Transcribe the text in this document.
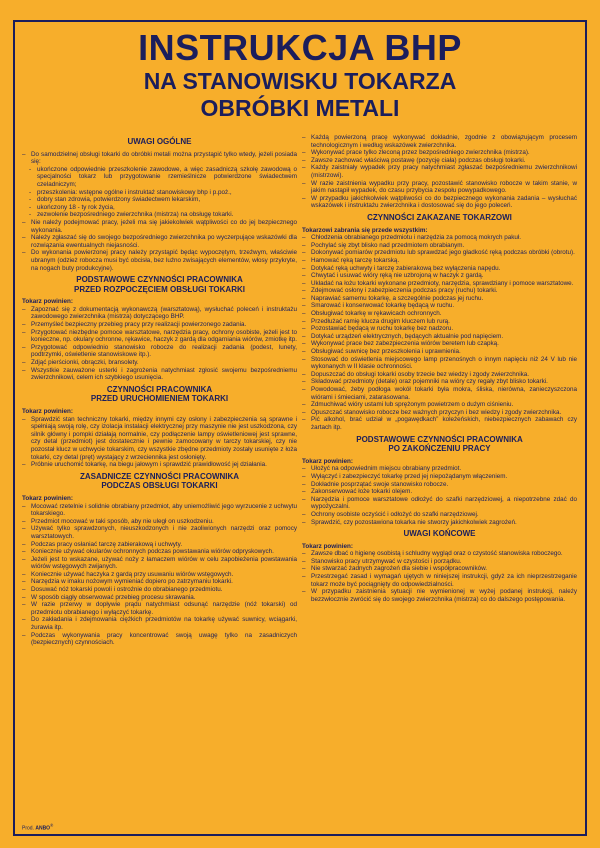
INSTRUKCJA BHP
NA STANOWISKU TOKARZA
OBRÓBKI METALI
UWAGI OGÓLNE
– Do samodzielnej obsługi tokarki do obróbki metali można przystąpić tylko wtedy, jeżeli posiada się:
- ukończone odpowiednie przeszkolenie zawodowe, a więc zasadniczą szkołę zawodową o specjalności tokarz lub przygotowanie rzemieślnicze potwierdzone świadectwem czeladniczym;
- przeszkolenia: wstępne ogólne i instruktaż stanowiskowy bhp i p.poż.,
- dobry stan zdrowia, potwierdzony świadectwem lekarskim,
- ukończony 18 - ty rok życia,
- zezwolenie bezpośredniego zwierzchnika (mistrza) na obsługę tokarki.
– Nie należy podejmować pracy, jeżeli ma się jakiekolwiek wątpliwości co do jej bezpiecznego wykonania.
– Należy zgłaszać się do swojego bezpośredniego zwierzchnika po wyczerpujące wskazówki dla rozwiązania ewentualnych niejasności.
– Do wykonania powierzonej pracy należy przystąpić będąc wypoczętym, trzeźwym, właściwie ubranym (odzież robocza musi być obcisła, bez luźno zwisających elementów, włosy przykryte, na nogach buty produkcyjne).
PODSTAWOWE CZYNNOŚCI PRACOWNIKA
PRZED ROZPOCZĘCIEM OBSŁUGI TOKARKI
Tokarz powinien:
– Zapoznać się z dokumentacją wykonawczą (warsztatową), wysłuchać poleceń i instruktażu zawodowego zwierzchnika (mistrza) dotyczącego BHP.
– Przemyśleć bezpieczny przebieg pracy przy realizacji powierzonego zadania.
– Przygotować niezbędne pomoce warsztatowe, narzędzia pracy, ochrony osobiste, jeżeli jest to konieczne, np. okulary ochronne, rękawice, haczyk z gardą dla odgarniania wiórów, zmiotkę itp.
– Przygotować odpowiednio stanowisko robocze do realizacji zadania (podest, lunety, podtrzymki, oświetlenie stanowiskowe itp.).
– Zdjąć pierścionki, obrączki, bransolety.
– Wszystkie zauważone usterki i zagrożenia natychmiast zgłosić swojemu bezpośredniemu zwierzchnikowi, celem ich szybkiego usunięcia.
CZYNNOŚCI PRACOWNIKA
PRZED URUCHOMIENIEM TOKARKI
Tokarz powinien:
– Sprawdzić stan techniczny tokarki, między innymi czy osłony i zabezpieczenia są sprawne i spełniają swoją rolę, czy izolacja instalacji elektrycznej przy maszynie nie jest uszkodzona, czy silnik główny i pompki działają normalnie, czy podłączenie lampy oświetleniowej jest sprawne, czy detal (przedmiot) jest dostatecznie i pewnie zamocowany w tarczy tokarskiej, czy nie pozostał klucz w uchwycie tokarskim, czy wszystkie zbędne przedmioty zostały usunięte z łoża tokarki, czy detal (pręt) wystający z wrzeciennika jest osłonięty.
– Próbnie uruchomić tokarkę, na biegu jałowym i sprawdzić prawidłowość jej działania.
ZASADNICZE CZYNNOŚCI PRACOWNIKA
PODCZAS OBSŁUGI TOKARKI
Tokarz powinien:
– Mocować rzetelnie i solidnie obrabiany przedmiot, aby uniemożliwić jego wyrzucenie z uchwytu tokarskiego.
– Przedmiot mocować w taki sposób, aby nie uległ on uszkodzeniu.
– Używać tylko sprawdzonych, nieuszkodzonych i nie zaoliwionych narzędzi oraz pomocy warsztatowych.
– Podczas pracy osłaniać tarczę zabierakową i uchwyty.
– Koniecznie używać okularów ochronnych podczas powstawania wiórów odpryskowych.
– Jeżeli jest to wskazane, używać noży z łamaczem wiórów w celu zapobieżenia powstawania wiórów wstęgowych zwijanych.
– Koniecznie używać haczyka z gardą przy usuwaniu wiórów wstęgowych.
– Narzędzia w imaku nożowym wymieniać dopiero po zatrzymaniu tokarki.
– Dosuwać nóż tokarski powoli i ostrożnie do obrabianego przedmiotu.
– W sposób ciągły obserwować przebieg procesu skrawania.
– W razie przerwy w dopływie prądu natychmiast odsunąć narzędzie (nóż tokarski) od przedmiotu obrabianego i wyłączyć tokarkę.
– Do zakładania i zdejmowania ciężkich przedmiotów na tokarkę używać suwnicy, wciągarki, żurawia itp.
– Podczas wykonywania pracy koncentrować swoją uwagę tylko na zasadniczych (bezpiecznych) czynnościach.
– Każdą powierzoną pracę wykonywać dokładnie, zgodnie z obowiązującym procesem technologicznym i według wskazówek zwierzchnika.
– Wykonywać prace tylko zleconą przez bezpośredniego zwierzchnika (mistrza).
– Zawsze zachować właściwą postawę (pozycję ciała) podczas obsługi tokarki.
– Każdy zaistniały wypadek przy pracy natychmiast zgłaszać bezpośredniemu zwierzchnikowi (mistrzowi).
– W razie zaistnienia wypadku przy pracy, pozostawić stanowisko robocze w takim stanie, w jakim nastąpił wypadek, do czasu przybycia zespołu powypadkowego.
– W przypadku jakichkolwiek wątpliwości co do bezpiecznego wykonania zadania – wysłuchać wskazówek i instruktażu zwierzchnika i dostosować się do jego poleceń.
CZYNNOŚCI ZAKAZANE TOKARZOWI
Tokarzowi zabrania się przede wszystkim:
– Chłodzenia obrabianego przedmiotu i narzędzia za pomocą mokrych pakuł.
– Pochylać się zbyt blisko nad przedmiotem obrabianym.
– Dokonywać pomiarów przedmiotu lub sprawdzać jego gładkość ręką podczas obróbki (obrotu).
– Hamować ręką tarczę tokarską.
– Dotykać ręką uchwyty i tarczę zabierakową bez wyłączenia napędu.
– Chwytać i usuwać wióry ręką nie uzbrojoną w haczyk z gardą.
– Układać na łożu tokarki wykonane przedmioty, narzędzia, sprawdziany i pomoce warsztatowe.
– Zdejmować osłony i zabezpieczenia podczas pracy (ruchu) tokarki.
– Naprawiać samemu tokarkę, a szczególnie podczas jej ruchu.
– Smarować i konserwować tokarkę będącą w ruchu.
– Obsługiwać tokarkę w rękawicach ochronnych.
– Przedłużać ramię klucza drugim kluczem lub rurą.
– Pozostawiać będącą w ruchu tokarkę bez nadzoru.
– Dotykać urządzeń elektrycznych, będących aktualnie pod napięciem.
– Wykonywać prace bez zabezpieczenia wiórów beretem lub czapką.
– Obsługiwać suwnicę bez przeszkolenia i uprawnienia.
– Stosować do oświetlenia miejscowego lamp przenośnych o innym napięciu niż 24 V lub nie wykonanych w II klasie ochronności.
– Dopuszczać do obsługi tokarki osoby trzecie bez wiedzy i zgody zwierzchnika.
– Składować przedmioty (detale) oraz pojemniki na wióry czy regały zbyt blisko tokarki.
– Powodować, żeby podłoga wokół tokarki była mokra, śliska, nierówna, zanieczyszczona wiórami i śmieciami, zatarasowana.
– Zdmuchiwać wióry ustami lub sprężonym powietrzem o dużym ciśnieniu.
– Opuszczać stanowisko robocze bez ważnych przyczyn i bez wiedzy i zgody zwierzchnika.
– Pić alkohol, brać udział w „pogawędkach” koleżeńskich, niebezpiecznych zabawach czy żartach itp.
PODSTAWOWE CZYNNOŚCI PRACOWNIKA
PO ZAKOŃCZENIU PRACY
Tokarz powinien:
– Ułożyć na odpowiednim miejscu obrabiany przedmiot.
– Wyłączyć i zabezpieczyć tokarkę przed jej niepożądanym włączeniem.
– Dokładnie posprzątać swoje stanowisko robocze.
– Zakonserwować łoże tokarki olejem.
– Narzędzia i pomoce warsztatowe odłożyć do szafki narzędziowej, a niepotrzebne zdać do wypożyczalni.
– Ochrony osobiste oczyścić i odłożyć do szafki narzędziowej.
– Sprawdzić, czy pozostawiona tokarka nie stworzy jakichkolwiek zagrożeń.
UWAGI KOŃCOWE
Tokarz powinien:
– Zawsze dbać o higienę osobistą i schludny wygląd oraz o czystość stanowiska roboczego.
– Stanowisko pracy utrzymywać w czystości i porządku.
– Nie stwarzać żadnych zagrożeń dla siebie i współpracowników.
– Przestrzegać zasad i wymagań ujętych w niniejszej instrukcji, gdyż za ich nieprzestrzeganie tokarz może być pociągnięty do odpowiedzialności.
– W przypadku zaistnienia sytuacji nie wymienionej w wyżej podanej instrukcji, należy bezzwłocznie zwrócić się do swojego zwierzchnika (mistrza) co do dalszego postępowania.
Prod. ANBO®
